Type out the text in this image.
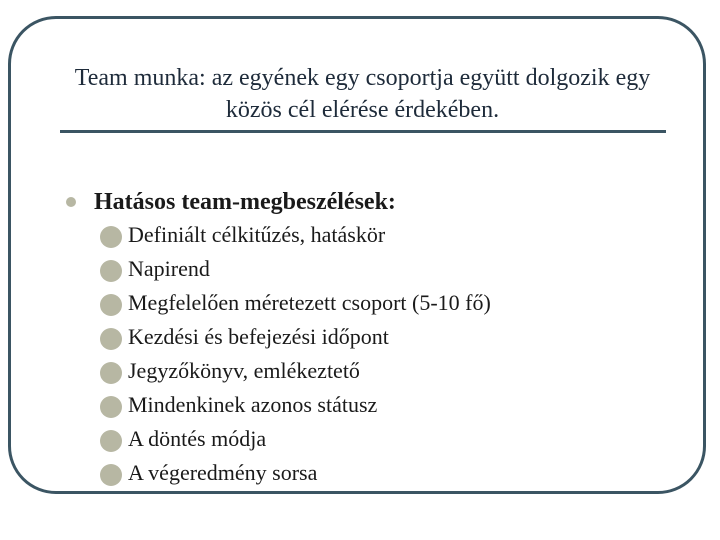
Team munka: az egyének egy csoportja együtt dolgozik egy közös cél elérése érdekében.
Hatásos team-megbeszélések:
Definiált célkitűzés, hatáskör
Napirend
Megfelelően méretezett csoport (5-10 fő)
Kezdési és befejezési időpont
Jegyzőkönyv, emlékeztető
Mindenkinek azonos státusz
A döntés módja
A végeredmény sorsa
